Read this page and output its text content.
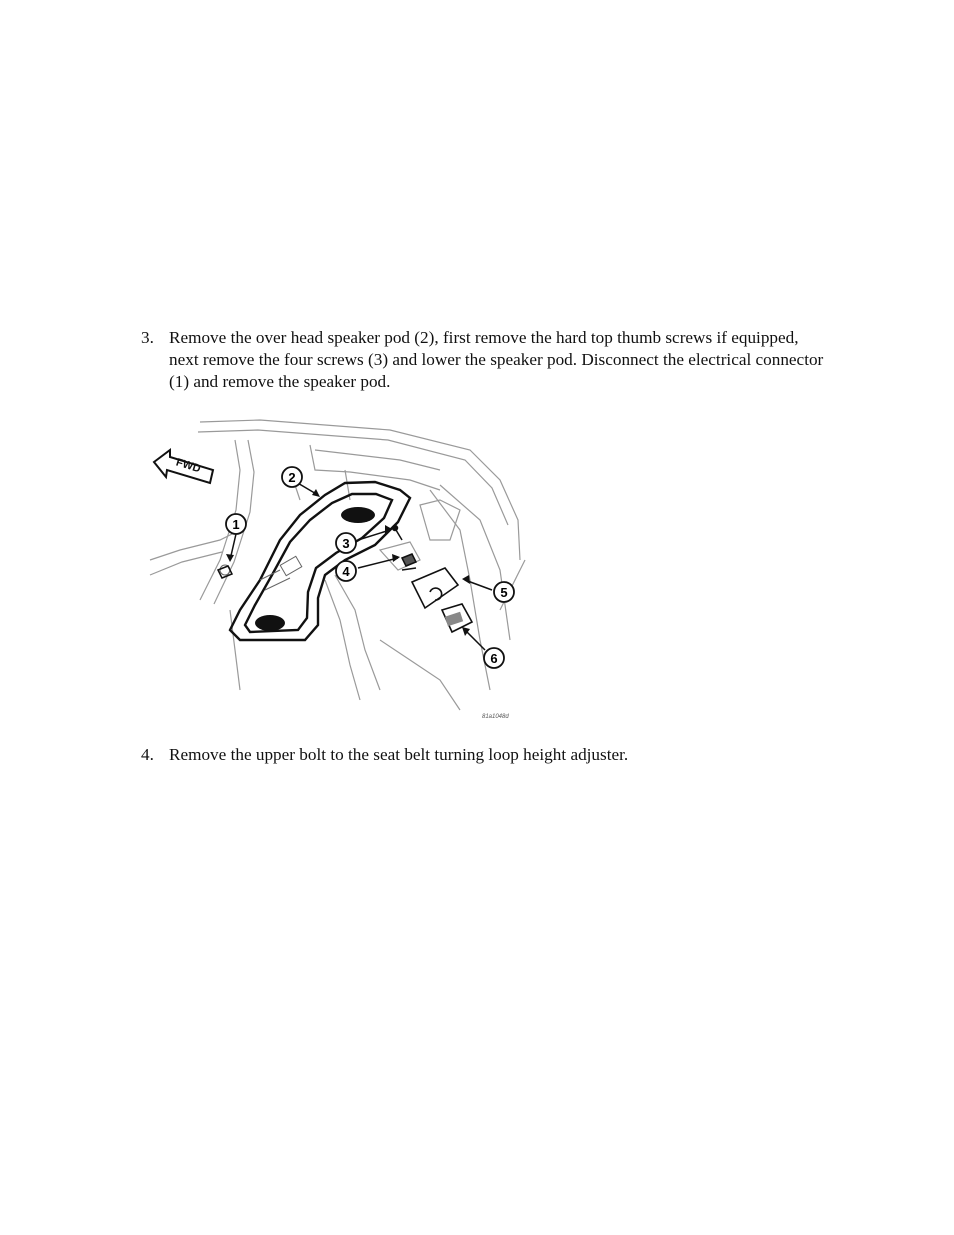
3. Remove the over head speaker pod (2), first remove the hard top thumb screws if equipped, next remove the four screws (3) and lower the speaker pod. Disconnect the electrical connector (1) and remove the speaker pod.
FWD
1
2
3
4
5
6
81a1048d
4. Remove the upper bolt to the seat belt turning loop height adjuster.
